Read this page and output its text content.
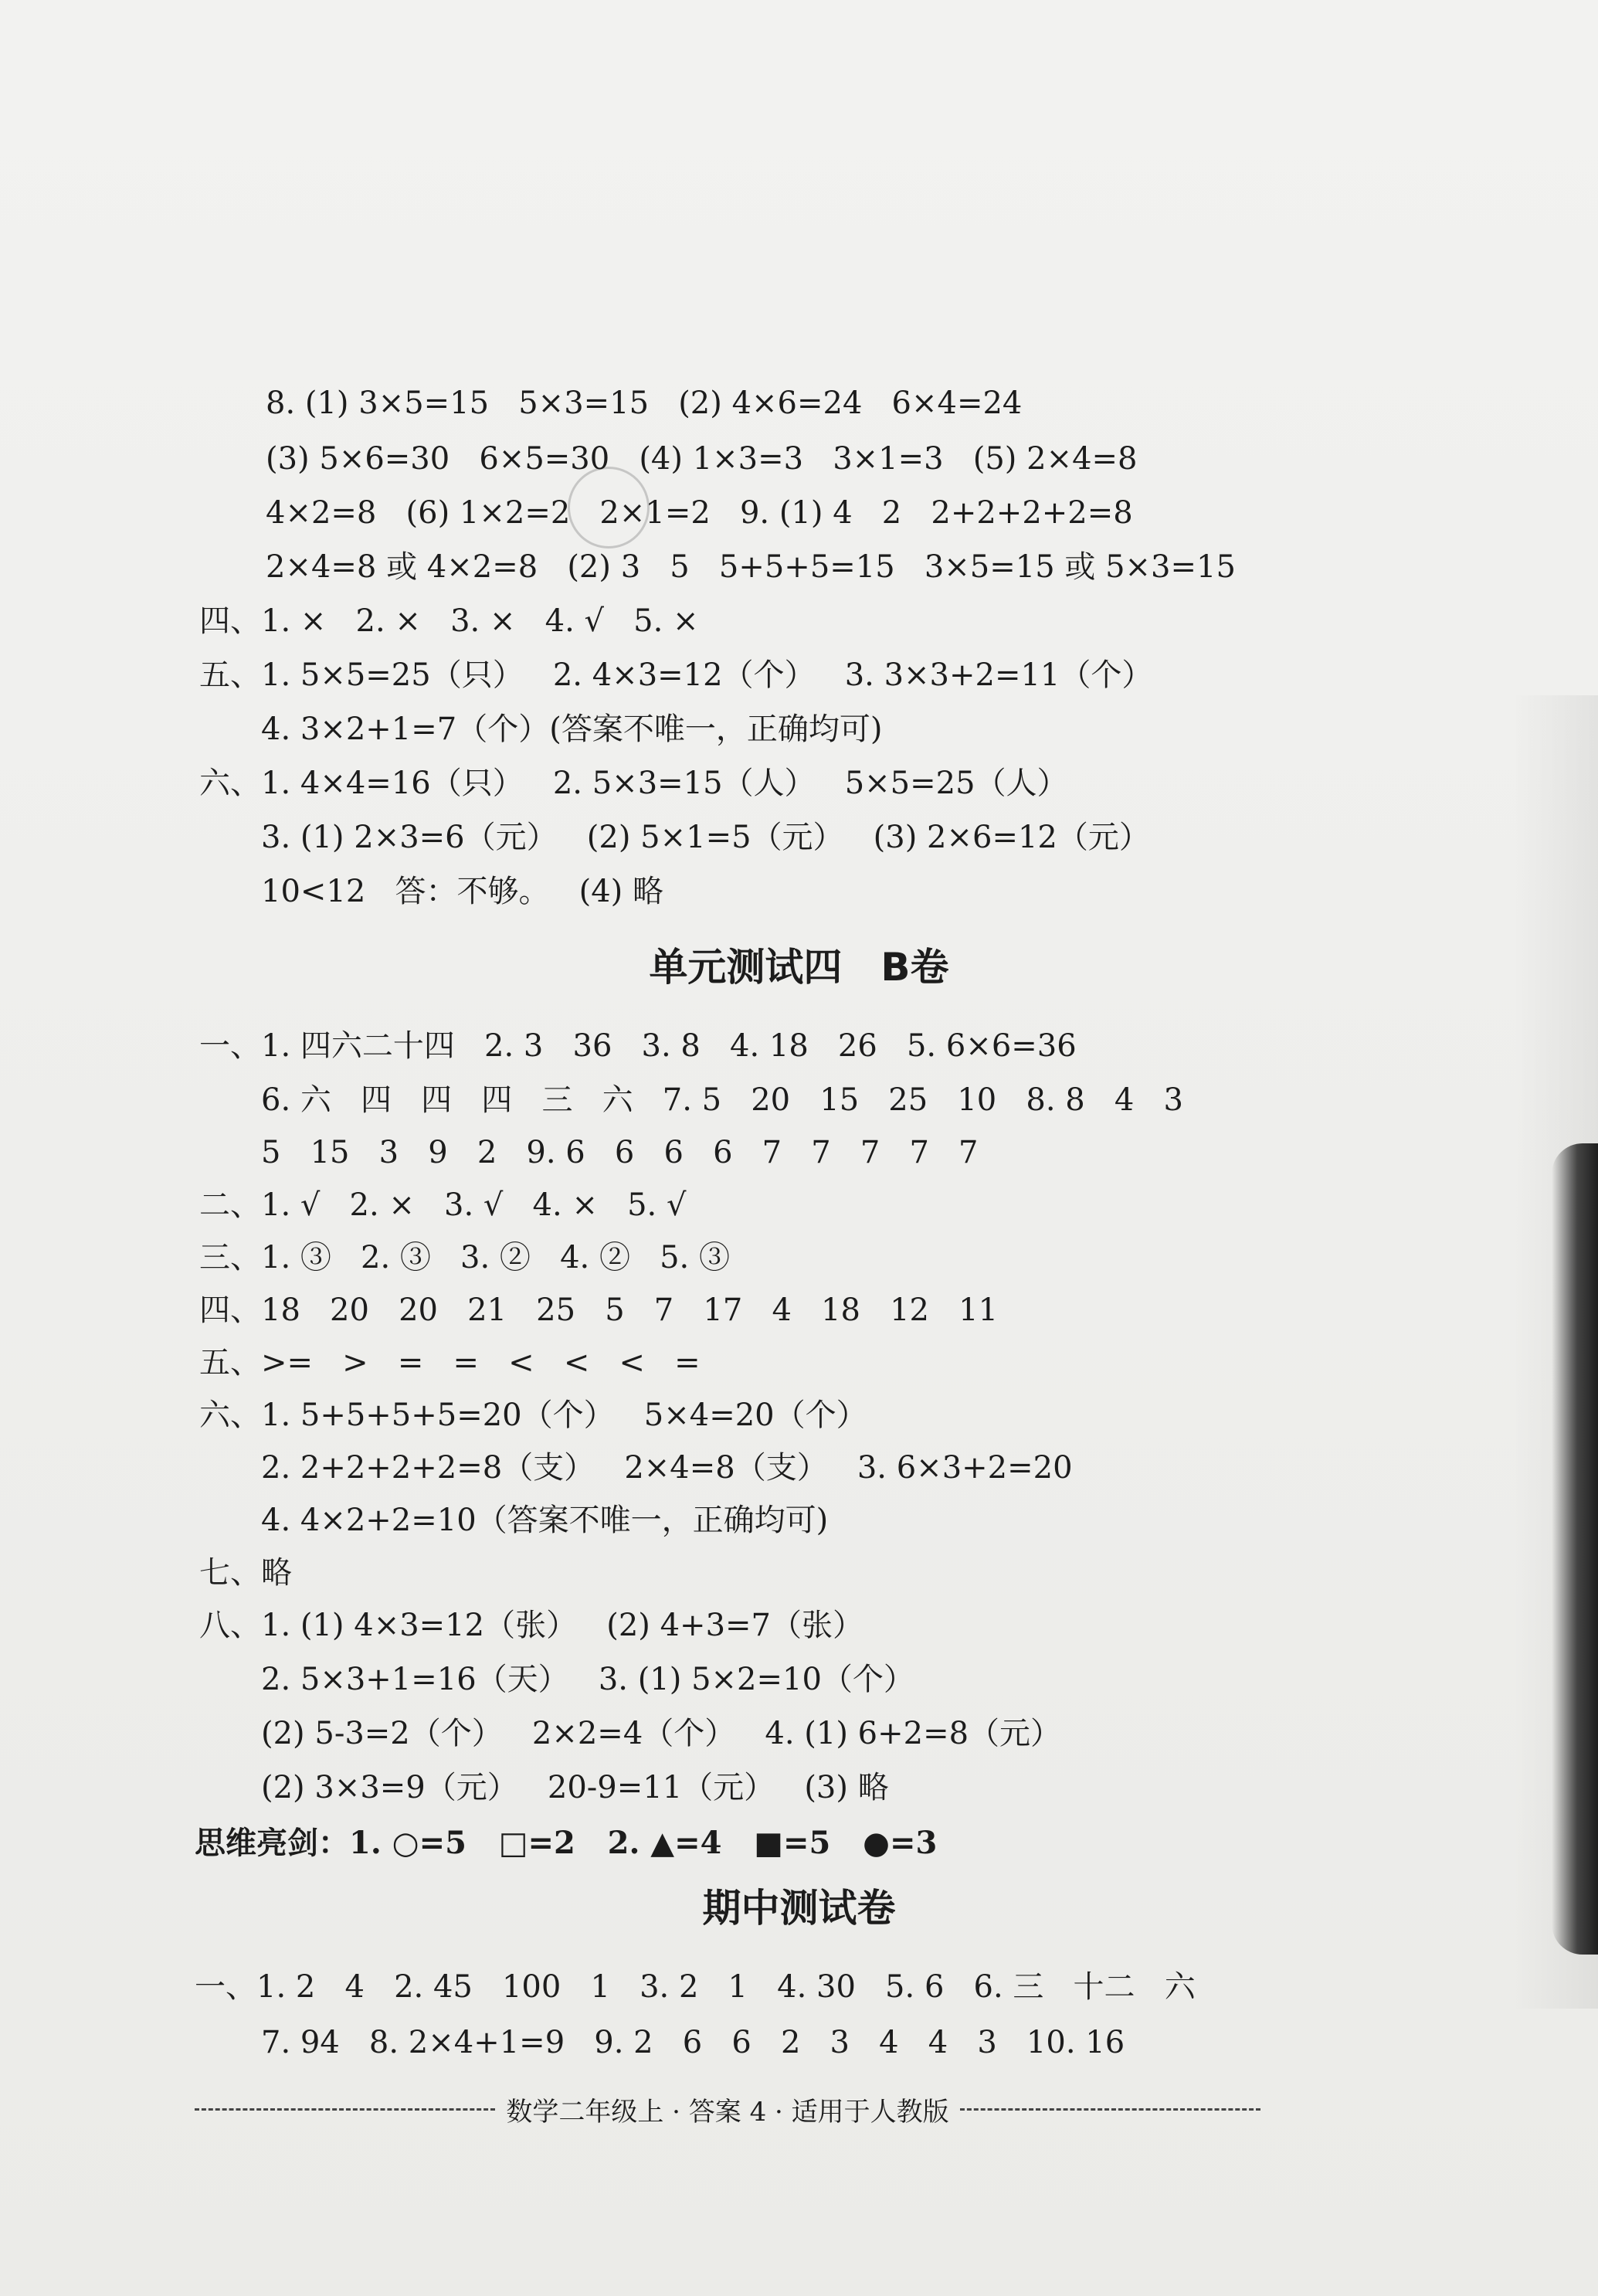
8. (1) 3×5=15   5×3=15   (2) 4×6=24   6×4=24
(3) 5×6=30   6×5=30   (4) 1×3=3   3×1=3   (5) 2×4=8
4×2=8   (6) 1×2=2   2×1=2   9. (1) 4   2   2+2+2+2=8
2×4=8 或 4×2=8   (2) 3   5   5+5+5=15   3×5=15 或 5×3=15
四、1. ×   2. ×   3. ×   4. √   5. ×
五、1. 5×5=25（只）   2. 4×3=12（个）   3. 3×3+2=11（个）
4. 3×2+1=7（个）(答案不唯一，正确均可)
六、1. 4×4=16（只）   2. 5×3=15（人）   5×5=25（人）
3. (1) 2×3=6（元）   (2) 5×1=5（元）   (3) 2×6=12（元）
10<12   答：不够。   (4) 略
单元测试四　B卷
一、1. 四六二十四   2. 3   36   3. 8   4. 18   26   5. 6×6=36
6. 六   四   四   四   三   六   7. 5   20   15   25   10   8. 8   4   3
5   15   3   9   2   9. 6   6   6   6   7   7   7   7   7
二、1. √   2. ×   3. √   4. ×   5. √
三、1. ③   2. ③   3. ②   4. ②   5. ③
四、18   20   20   21   25   5   7   17   4   18   12   11
五、>=   >   =   =   <   <   <   =
六、1. 5+5+5+5=20（个）   5×4=20（个）
2. 2+2+2+2=8（支）   2×4=8（支）   3. 6×3+2=20
4. 4×2+2=10（答案不唯一，正确均可)
七、略
八、1. (1) 4×3=12（张）   (2) 4+3=7（张）
2. 5×3+1=16（天）   3. (1) 5×2=10（个）
(2) 5-3=2（个）   2×2=4（个）   4. (1) 6+2=8（元）
(2) 3×3=9（元）   20-9=11（元）   (3) 略
思维亮剑：1. ○=5   □=2   2. ▲=4   ■=5   ●=3
期中测试卷
一、1. 2   4   2. 45   100   1   3. 2   1   4. 30   5. 6   6. 三   十二   六
7. 94   8. 2×4+1=9   9. 2   6   6   2   3   4   4   3   10. 16
数学二年级上 · 答案 4 · 适用于人教版
